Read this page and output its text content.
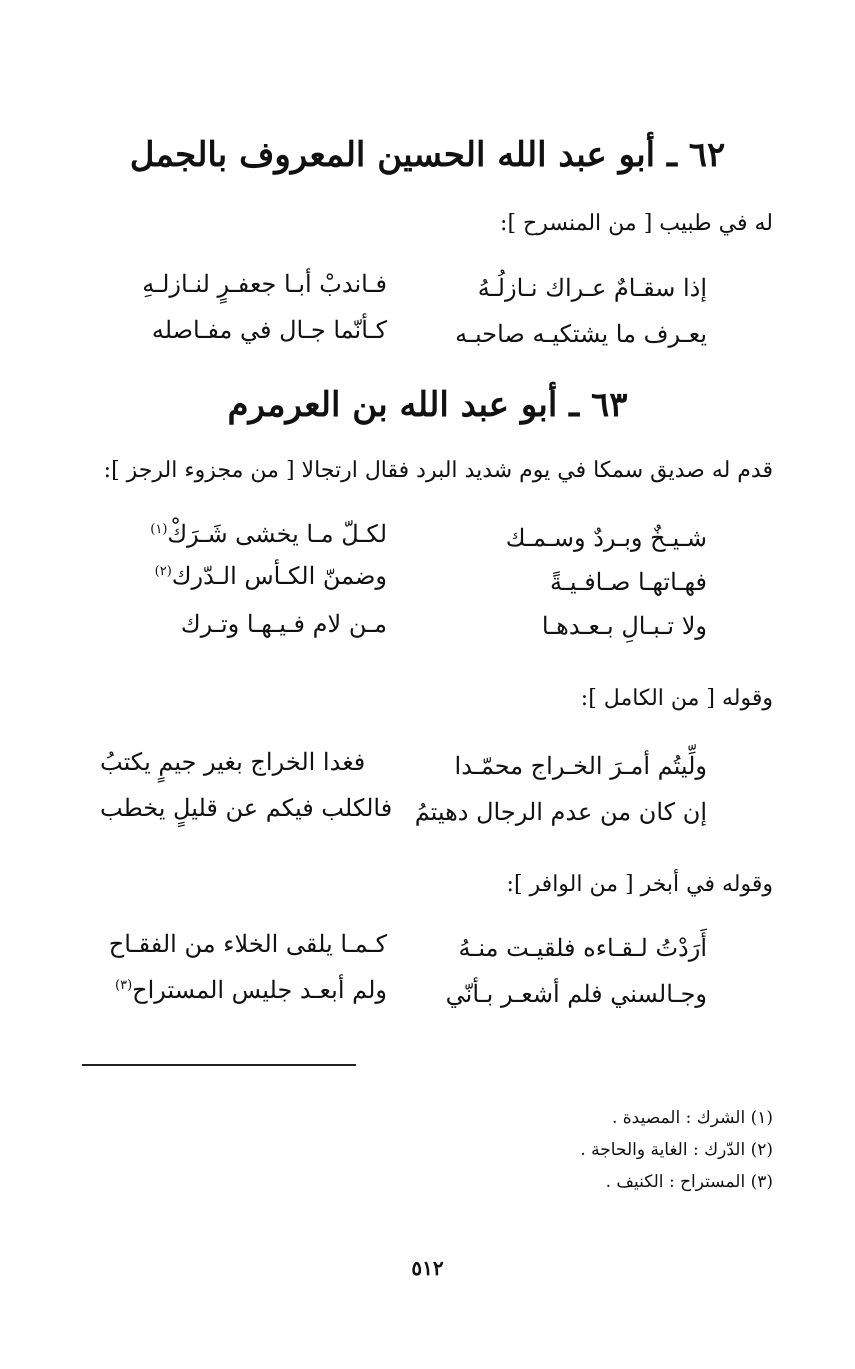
٦٢ ـ أبو عبد الله الحسين المعروف بالجمل
له في طبيب [ من المنسرح ]:
إذا سقـامٌ عـراك نـازلُـهُ
فـاندبْ أبـا جعفـرٍ لنـازلـهِ
يعـرف ما يشتكيـه صاحبـه
كـأنّما جـال في مفـاصله
٦٣ ـ أبو عبد الله بن العرمرم
قدم له صديق سمكا في يوم شديد البرد فقال ارتجالا [ من مجزوء الرجز ]:
شـيـخٌ وبـردٌ وسـمـك
لكـلّ مـا يخشى شَـرَكْ$^{(١)}$
فهـاتهـا صـافـيـةً
وضمنّ الكـأس الـدّرك$^{(٢)}$
ولا تـبـالِ بـعـدهـا
مـن لام فـيـهـا وتـرك
وقوله [ من الكامل ]:
ولِّيتُم أمـرَ الخـراج محمّـدا
فغدا الخراج بغير جيمٍ يكتبُ
إن كان من عدم الرجال دهيتمُ
فالكلب فيكم عن قليلٍ يخطب
وقوله في أبخر [ من الوافر ]:
أَرَدْتُ لـقـاءه فلقيـت منـهُ
كـمـا يلقى الخلاء من الفقـاح
وجـالسني فلم أشعـر بـأنّي
ولم أبعـد جليس المستراح$^{(٣)}$
(١) الشرك : المصيدة .
(٢) الدّرك : الغاية والحاجة .
(٣) المستراح : الكنيف .
٥١٢
